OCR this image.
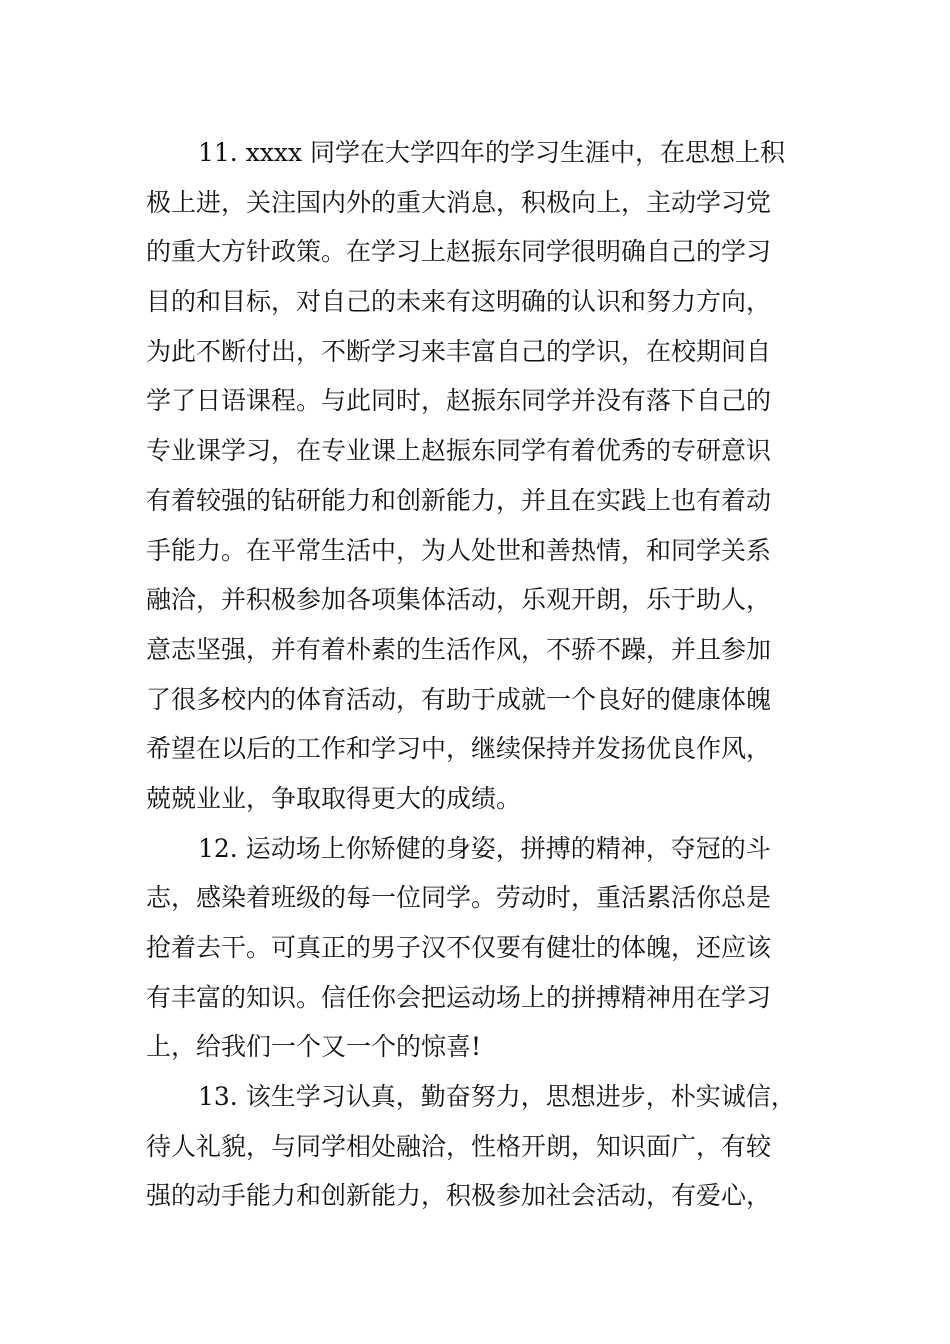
11. xxxx 同学在大学四年的学习生涯中，在思想上积
极上进，关注国内外的重大消息，积极向上，主动学习党
的重大方针政策。在学习上赵振东同学很明确自己的学习
目的和目标，对自己的未来有这明确的认识和努力方向，
为此不断付出，不断学习来丰富自己的学识，在校期间自
学了日语课程。与此同时，赵振东同学并没有落下自己的
专业课学习，在专业课上赵振东同学有着优秀的专研意识
有着较强的钻研能力和创新能力，并且在实践上也有着动
手能力。在平常生活中，为人处世和善热情，和同学关系
融洽，并积极参加各项集体活动，乐观开朗，乐于助人，
意志坚强，并有着朴素的生活作风，不骄不躁，并且参加
了很多校内的体育活动，有助于成就一个良好的健康体魄
希望在以后的工作和学习中，继续保持并发扬优良作风，
兢兢业业，争取取得更大的成绩。
12. 运动场上你矫健的身姿，拼搏的精神，夺冠的斗
志，感染着班级的每一位同学。劳动时，重活累活你总是
抢着去干。可真正的男子汉不仅要有健壮的体魄，还应该
有丰富的知识。信任你会把运动场上的拼搏精神用在学习
上，给我们一个又一个的惊喜!
13. 该生学习认真，勤奋努力，思想进步，朴实诚信，
待人礼貌，与同学相处融洽，性格开朗，知识面广，有较
强的动手能力和创新能力，积极参加社会活动，有爱心，
